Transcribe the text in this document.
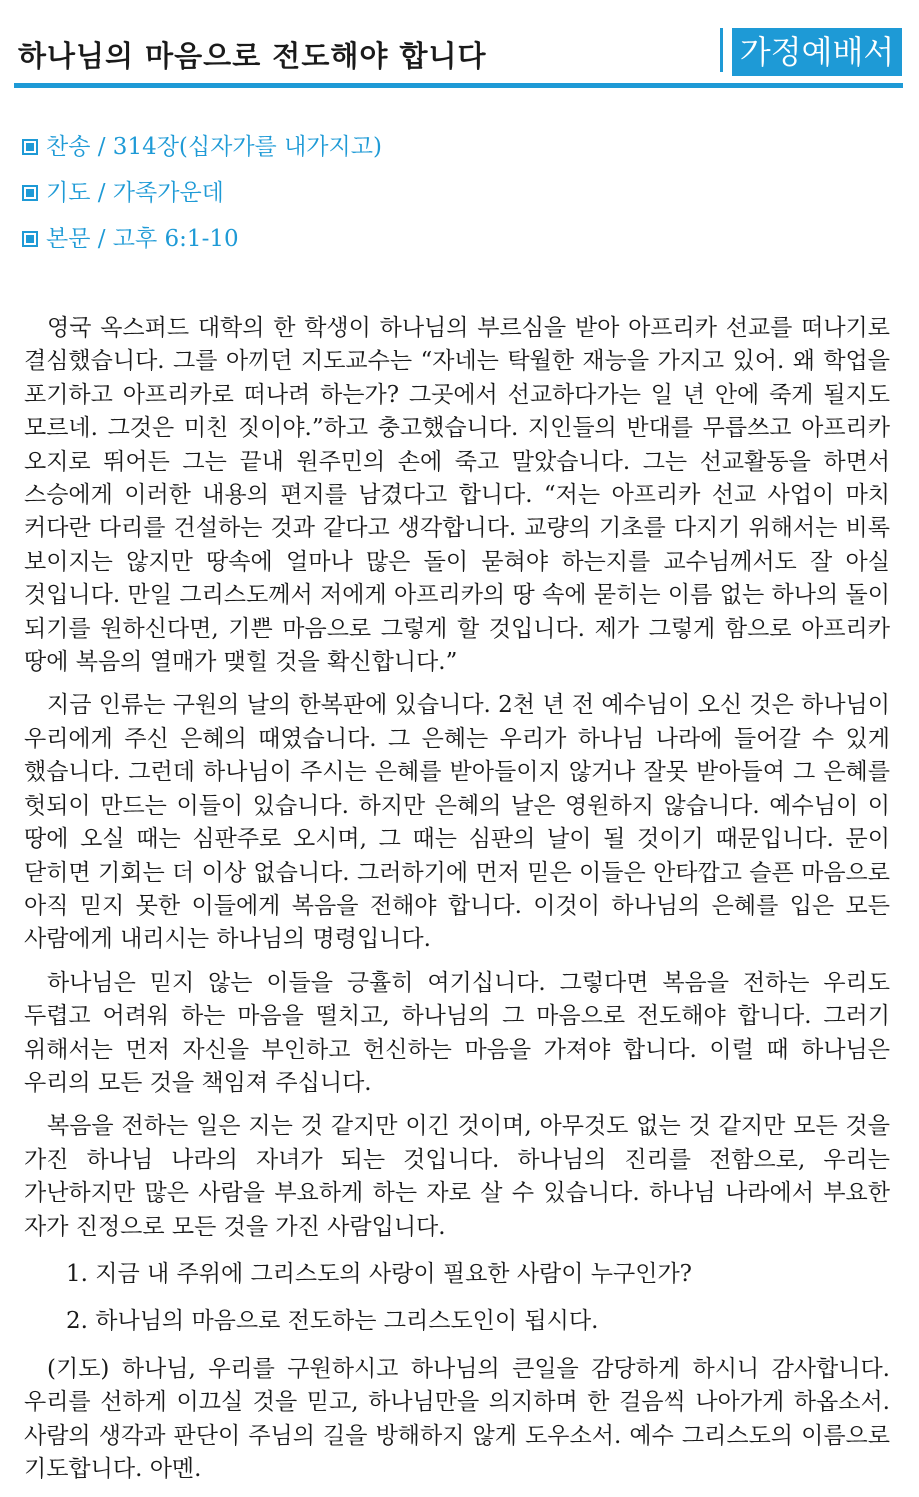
하나님의 마음으로 전도해야 합니다	가정예배서
찬송 / 314장(십자가를 내가지고)
기도 / 가족가운데
본문 / 고후 6:1-10

영국 옥스퍼드 대학의 한 학생이 하나님의 부르심을 받아 아프리카 선교를 떠나기로 결심했습니다. 그를 아끼던 지도교수는 “자네는 탁월한 재능을 가지고 있어. 왜 학업을 포기하고 아프리카로 떠나려 하는가? 그곳에서 선교하다가는 일 년 안에 죽게 될지도 모르네. 그것은 미친 짓이야.”하고 충고했습니다. 지인들의 반대를 무릅쓰고 아프리카 오지로 뛰어든 그는 끝내 원주민의 손에 죽고 말았습니다. 그는 선교활동을 하면서 스승에게 이러한 내용의 편지를 남겼다고 합니다. “저는 아프리카 선교 사업이 마치 커다란 다리를 건설하는 것과 같다고 생각합니다. 교량의 기초를 다지기 위해서는 비록 보이지는 않지만 땅속에 얼마나 많은 돌이 묻혀야 하는지를 교수님께서도 잘 아실 것입니다. 만일 그리스도께서 저에게 아프리카의 땅 속에 묻히는 이름 없는 하나의 돌이 되기를 원하신다면, 기쁜 마음으로 그렇게 할 것입니다. 제가 그렇게 함으로 아프리카 땅에 복음의 열매가 맺힐 것을 확신합니다.”

지금 인류는 구원의 날의 한복판에 있습니다. 2천 년 전 예수님이 오신 것은 하나님이 우리에게 주신 은혜의 때였습니다. 그 은혜는 우리가 하나님 나라에 들어갈 수 있게 했습니다. 그런데 하나님이 주시는 은혜를 받아들이지 않거나 잘못 받아들여 그 은혜를 헛되이 만드는 이들이 있습니다. 하지만 은혜의 날은 영원하지 않습니다. 예수님이 이 땅에 오실 때는 심판주로 오시며, 그 때는 심판의 날이 될 것이기 때문입니다. 문이 닫히면 기회는 더 이상 없습니다. 그러하기에 먼저 믿은 이들은 안타깝고 슬픈 마음으로 아직 믿지 못한 이들에게 복음을 전해야 합니다. 이것이 하나님의 은혜를 입은 모든 사람에게 내리시는 하나님의 명령입니다.

하나님은 믿지 않는 이들을 긍휼히 여기십니다. 그렇다면 복음을 전하는 우리도 두렵고 어려워 하는 마음을 떨치고, 하나님의 그 마음으로 전도해야 합니다. 그러기 위해서는 먼저 자신을 부인하고 헌신하는 마음을 가져야 합니다. 이럴 때 하나님은 우리의 모든 것을 책임져 주십니다.

복음을 전하는 일은 지는 것 같지만 이긴 것이며, 아무것도 없는 것 같지만 모든 것을 가진 하나님 나라의 자녀가 되는 것입니다. 하나님의 진리를 전함으로, 우리는 가난하지만 많은 사람을 부요하게 하는 자로 살 수 있습니다. 하나님 나라에서 부요한 자가 진정으로 모든 것을 가진 사람입니다.

1. 지금 내 주위에 그리스도의 사랑이 필요한 사람이 누구인가?

2. 하나님의 마음으로 전도하는 그리스도인이 됩시다.

(기도) 하나님, 우리를 구원하시고 하나님의 큰일을 감당하게 하시니 감사합니다. 우리를 선하게 이끄실 것을 믿고, 하나님만을 의지하며 한 걸음씩 나아가게 하옵소서. 사람의 생각과 판단이 주님의 길을 방해하지 않게 도우소서. 예수 그리스도의 이름으로 기도합니다. 아멘.
